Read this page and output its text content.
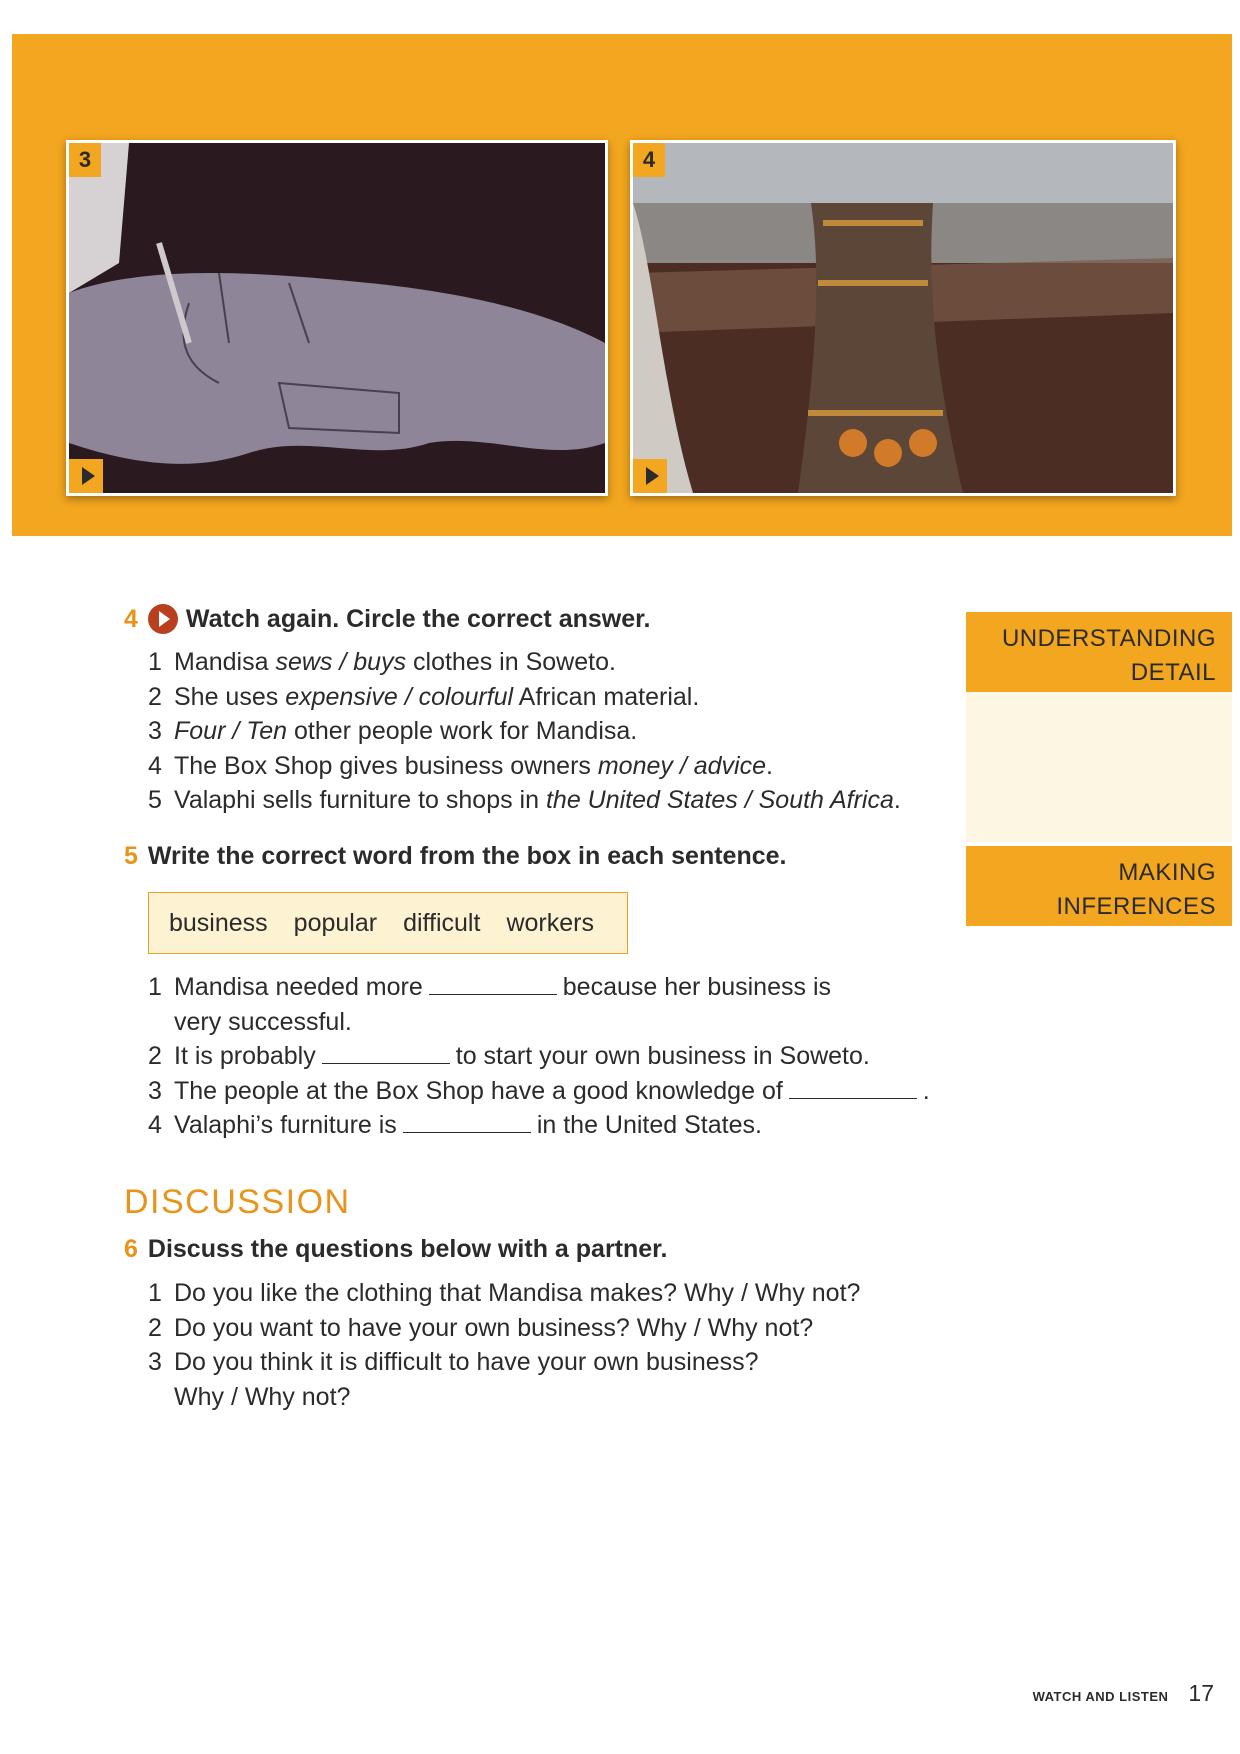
3	4
UNDERSTANDING
DETAIL
MAKING
INFERENCES
4 Watch again. Circle the correct answer.
1 Mandisa sews / buys clothes in Soweto.
2 She uses expensive / colourful African material.
3 Four / Ten other people work for Mandisa.
4 The Box Shop gives business owners money / advice.
5 Valaphi sells furniture to shops in the United States / South Africa.
5 Write the correct word from the box in each sentence.
business popular difficult workers
1 Mandisa needed more	because her business is
very successful.
2 It is probably	to start your own business in Soweto.
3 The people at the Box Shop have a good knowledge of	.
4 Valaphi’s furniture is	in the United States.
DISCUSSION
6 Discuss the questions below with a partner.
1 Do you like the clothing that Mandisa makes? Why / Why not?
2 Do you want to have your own business? Why / Why not?
3 Do you think it is difficult to have your own business?
Why / Why not?
WATCH AND LISTEN 17
